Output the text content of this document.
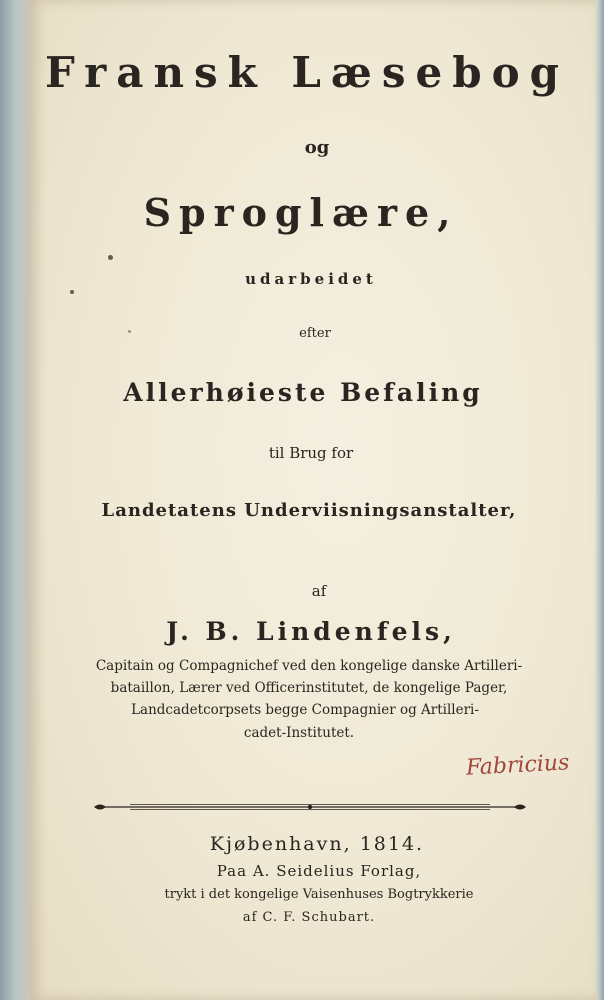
Fransk Læsebog
og
Sproglære,
udarbeidet
efter
Allerhøieste Befaling
til Brug for
Landetatens Underviisningsanstalter,
af
J. B. Lindenfels,
Capitain og Compagnichef ved den kongelige danske Artilleri-
bataillon, Lærer ved Officerinstitutet, de kongelige Pager,
Landcadetcorpsets begge Compagnier og Artilleri-
cadet-Institutet.
Fabricius
Kjøbenhavn, 1814.
Paa A. Seidelius Forlag,
trykt i det kongelige Vaisenhuses Bogtrykkerie
af C. F. Schubart.
